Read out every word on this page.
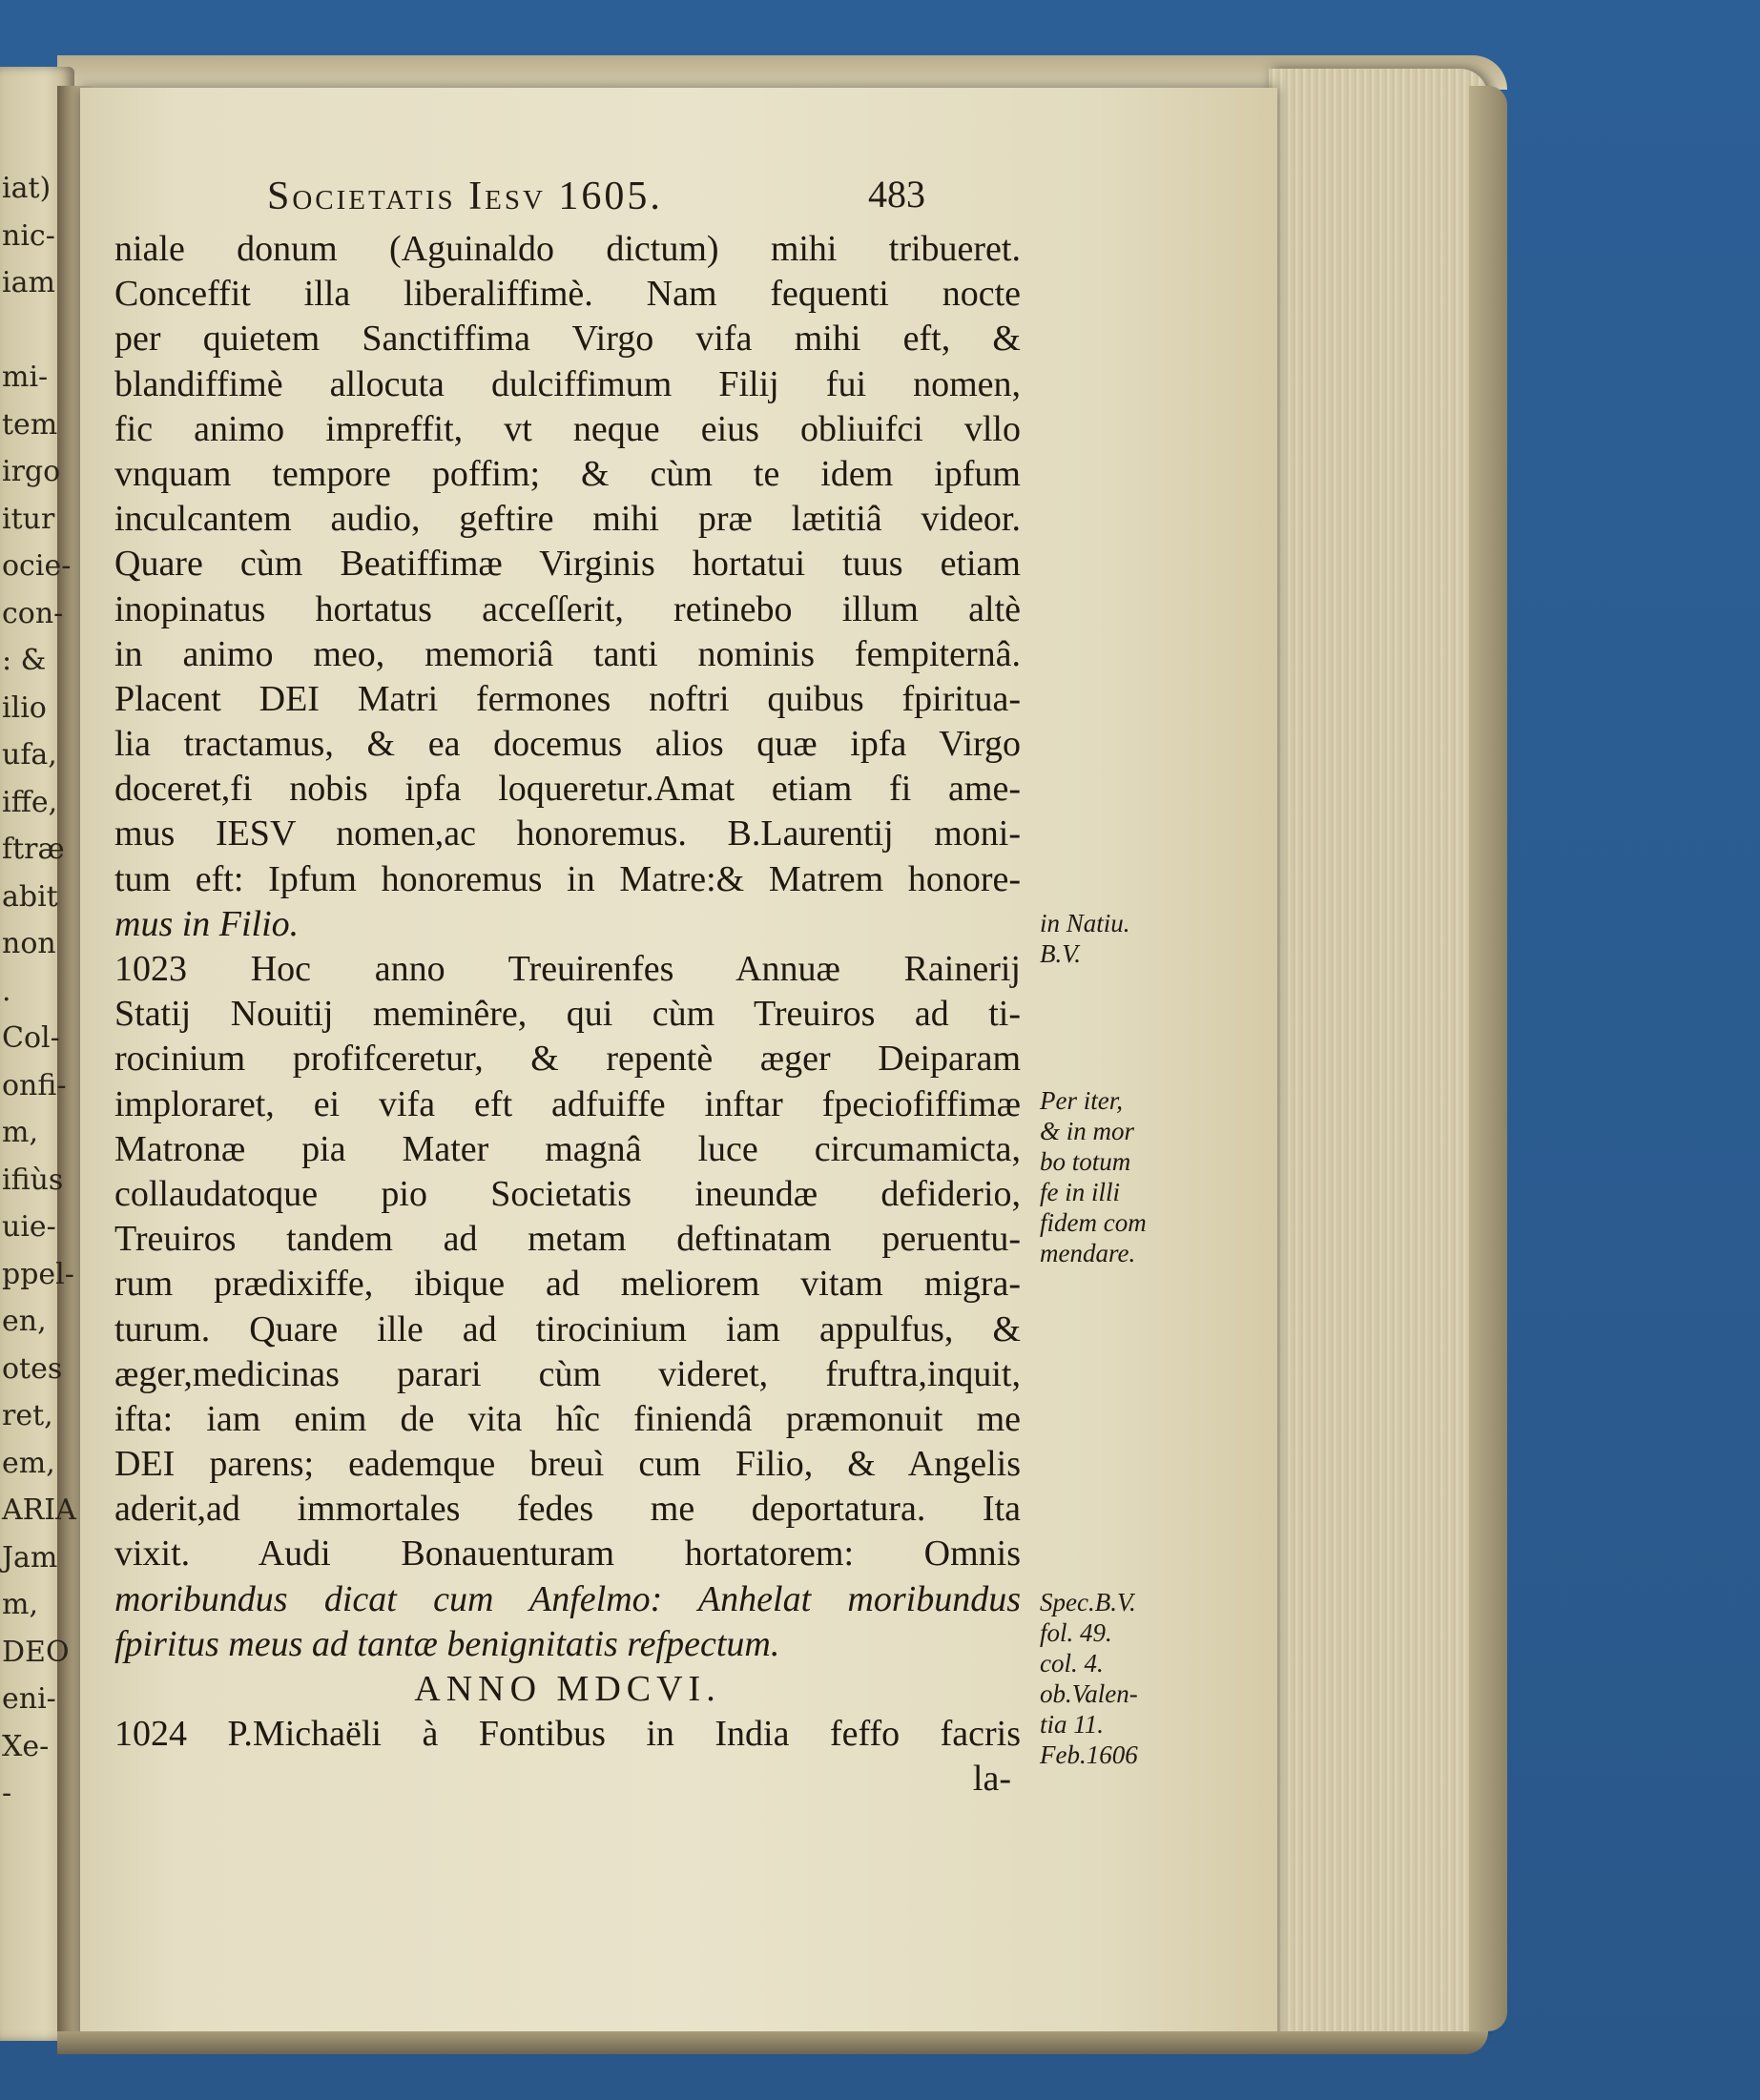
iat)
nic-
iam
mi-
tem
irgo
itur
ocie-
con-
: &
ilio
ufa,
iffe,
ftræ
abit
non
.
Col-
onfi-
m,
ifiùs
uie-
ppel-
en,
otes
ret,
em,
ARIA
Jam
m,
DEO
eni-
Xe-
-
Societatis Iesv 1605.	483
niale donum (Aguinaldo dictum) mihi tribueret.
Conceffit illa liberaliffimè. Nam fequenti nocte
per quietem Sanctiffima Virgo vifa mihi eft, &
blandiffimè allocuta dulciffimum Filij fui nomen,
fic animo impreffit, vt neque eius obliuifci vllo
vnquam tempore poffim; & cùm te idem ipfum
inculcantem audio, geftire mihi præ lætitiâ videor.
Quare cùm Beatiffimæ Virginis hortatui tuus etiam
inopinatus hortatus acceſſerit, retinebo illum altè
in animo meo, memoriâ tanti nominis fempiternâ.
Placent DEI Matri fermones noftri quibus fpiritua-
lia tractamus, & ea docemus alios quæ ipfa Virgo
doceret,fi nobis ipfa loqueretur.Amat etiam fi ame-
mus IESV nomen,ac honoremus. B.Laurentij moni-
tum eft: Ipfum honoremus in Matre:& Matrem honore-
mus in Filio.
1023 Hoc anno Treuirenfes Annuæ Rainerij
Statij Nouitij meminêre, qui cùm Treuiros ad ti-
rocinium profifceretur, & repentè æger Deiparam
imploraret, ei vifa eft adfuiffe inftar fpeciofiffimæ
Matronæ pia Mater magnâ luce circumamicta,
collaudatoque pio Societatis ineundæ defiderio,
Treuiros tandem ad metam deftinatam peruentu-
rum prædixiffe, ibique ad meliorem vitam migra-
turum. Quare ille ad tirocinium iam appulfus, &
æger,medicinas parari cùm videret, fruftra,inquit,
ifta: iam enim de vita hîc finiendâ præmonuit me
DEI parens; eademque breuì cum Filio, & Angelis
aderit,ad immortales fedes me deportatura. Ita
vixit. Audi Bonauenturam hortatorem: Omnis
moribundus dicat cum Anfelmo: Anhelat moribundus
fpiritus meus ad tantæ benignitatis refpectum.
ANNO MDCVI.
1024 P.Michaëli à Fontibus in India feffo facris
la-
in Natiu.
B.V.
Per iter,
& in mor
bo totum
fe in illi
fidem com
mendare.
Spec.B.V.
fol. 49.
col. 4.
ob.Valen-
tia 11.
Feb.1606
